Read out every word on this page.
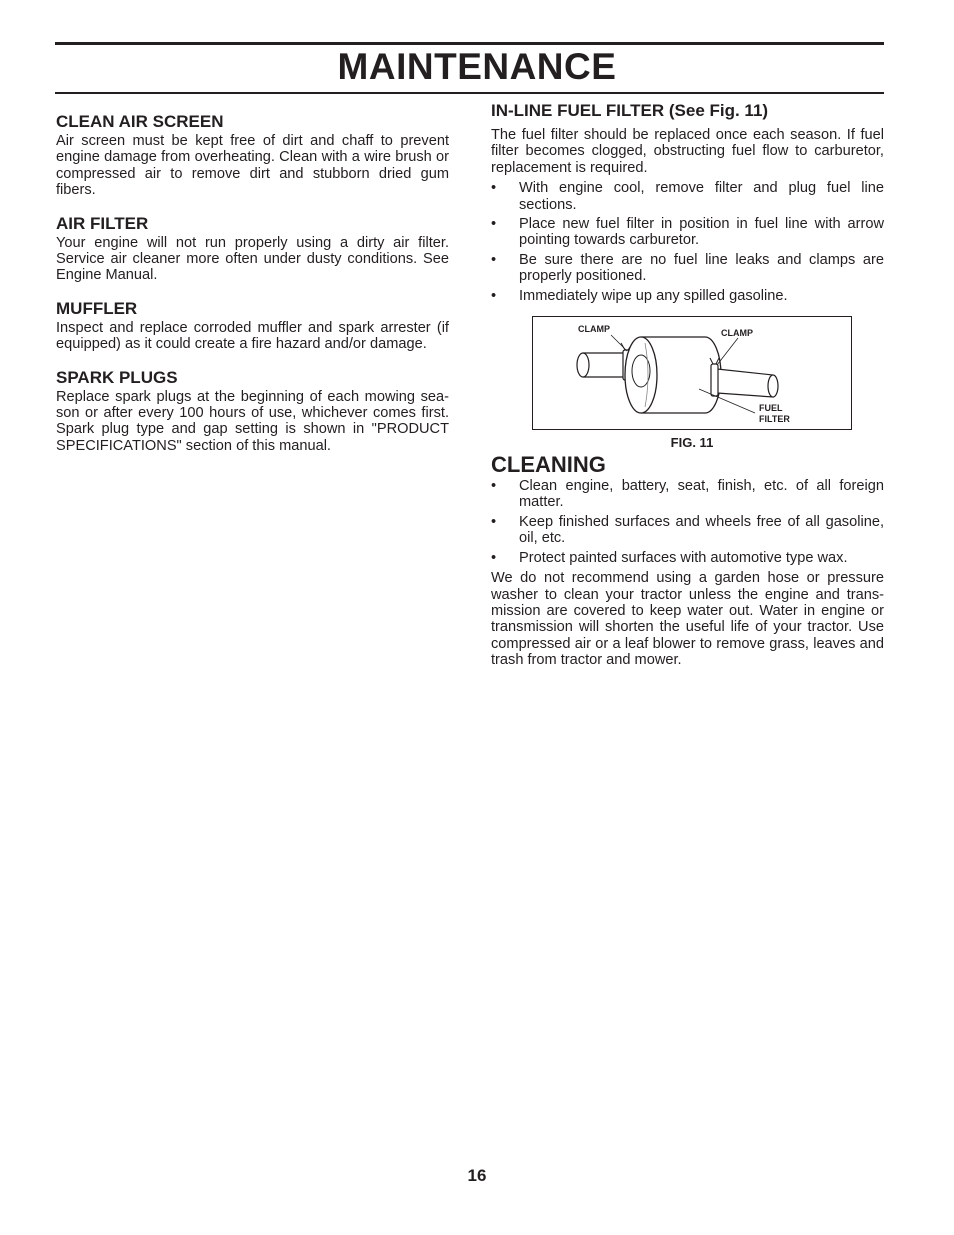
MAINTENANCE
CLEAN AIR SCREEN

Air screen must be kept free of dirt and chaff to prevent engine damage from overheating. Clean with a wire brush or compressed air to remove dirt and stubborn dried gum fibers.

AIR FILTER

Your engine will not run properly using a dirty air filter. Service air cleaner more often under dusty conditions. See Engine Manual.

MUFFLER

Inspect and replace corroded muffler and spark arrester (if equipped) as it could create a fire hazard and/or damage.

SPARK PLUGS

Replace spark plugs at the beginning of each mowing sea-son or after every 100 hours of use, whichever comes first. Spark plug type and gap setting is shown in "PRODUCT SPECIFICATIONS" section of this manual.

IN-LINE FUEL FILTER (See Fig. 11)

The fuel filter should be replaced once each season. If fuel filter becomes clogged, obstructing fuel flow to carburetor, replacement is required.

• With engine cool, remove filter and plug fuel line sections.
• Place new fuel filter in position in fuel line with arrow pointing towards carburetor.
• Be sure there are no fuel line leaks and clamps are properly positioned.
• Immediately wipe up any spilled gasoline.
CLAMP	CLAMP
FUEL
FILTER
FIG. 11
CLEANING
• Clean engine, battery, seat, finish, etc. of all foreign matter.
• Keep finished surfaces and wheels free of all gasoline, oil, etc.
• Protect painted surfaces with automotive type wax.

We do not recommend using a garden hose or pressure washer to clean your tractor unless the engine and trans-mission are covered to keep water out. Water in engine or transmission will shorten the useful life of your tractor. Use compressed air or a leaf blower to remove grass, leaves and trash from tractor and mower.

16
